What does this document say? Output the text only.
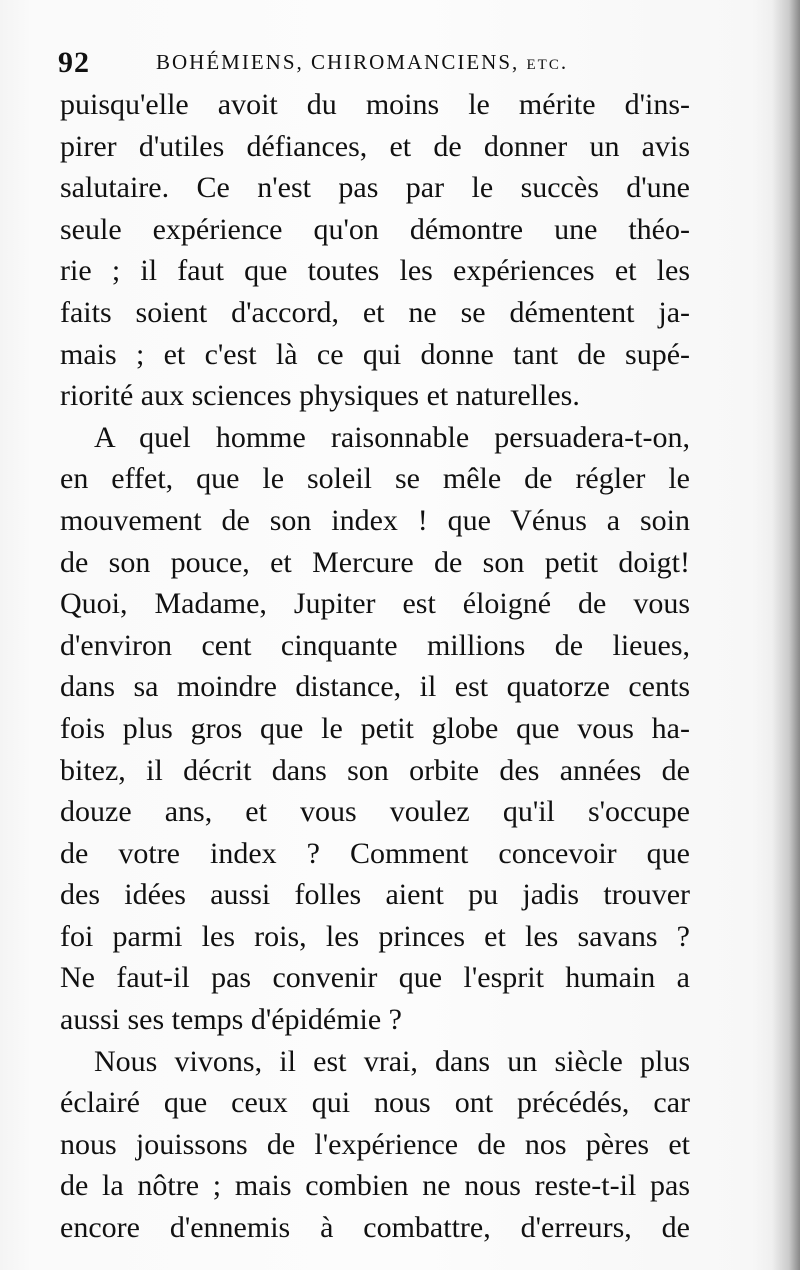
92	BOHÉMIENS, CHIROMANCIENS, etc.
puisqu'elle avoit du moins le mérite d'ins-
pirer d'utiles défiances, et de donner un avis
salutaire. Ce n'est pas par le succès d'une
seule expérience qu'on démontre une théo-
rie ; il faut que toutes les expériences et les
faits soient d'accord, et ne se démentent ja-
mais ; et c'est là ce qui donne tant de supé-
riorité aux sciences physiques et naturelles.
A quel homme raisonnable persuadera-t-on,
en effet, que le soleil se mêle de régler le
mouvement de son index ! que Vénus a soin
de son pouce, et Mercure de son petit doigt!
Quoi, Madame, Jupiter est éloigné de vous
d'environ cent cinquante millions de lieues,
dans sa moindre distance, il est quatorze cents
fois plus gros que le petit globe que vous ha-
bitez, il décrit dans son orbite des années de
douze ans, et vous voulez qu'il s'occupe
de votre index ? Comment concevoir que
des idées aussi folles aient pu jadis trouver
foi parmi les rois, les princes et les savans ?
Ne faut-il pas convenir que l'esprit humain a
aussi ses temps d'épidémie ?
Nous vivons, il est vrai, dans un siècle plus
éclairé que ceux qui nous ont précédés, car
nous jouissons de l'expérience de nos pères et
de la nôtre ; mais combien ne nous reste-t-il pas
encore d'ennemis à combattre, d'erreurs, de
